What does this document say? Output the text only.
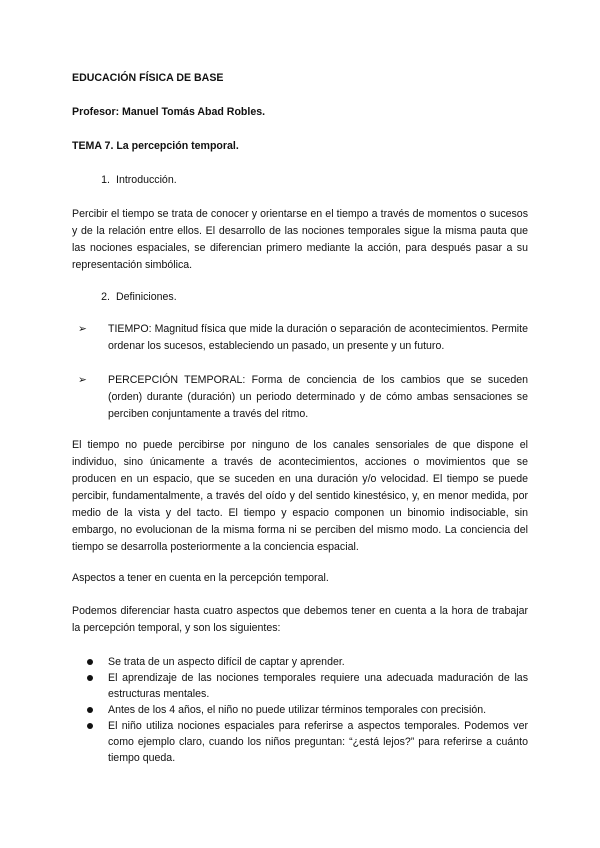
EDUCACIÓN FÍSICA DE BASE

Profesor: Manuel Tomás Abad Robles.

TEMA 7. La percepción temporal.

1. Introducción.

Percibir el tiempo se trata de conocer y orientarse en el tiempo a través de momentos o sucesos y de la relación entre ellos. El desarrollo de las nociones temporales sigue la misma pauta que las nociones espaciales, se diferencian primero mediante la acción, para después pasar a su representación simbólica.

2. Definiciones.
➢ TIEMPO: Magnitud física que mide la duración o separación de acontecimientos. Permite ordenar los sucesos, estableciendo un pasado, un presente y un futuro.
➢ PERCEPCIÓN TEMPORAL: Forma de conciencia de los cambios que se suceden (orden) durante (duración) un periodo determinado y de cómo ambas sensaciones se perciben conjuntamente a través del ritmo.

El tiempo no puede percibirse por ninguno de los canales sensoriales de que dispone el individuo, sino únicamente a través de acontecimientos, acciones o movimientos que se producen en un espacio, que se suceden en una duración y/o velocidad. El tiempo se puede percibir, fundamentalmente, a través del oído y del sentido kinestésico, y, en menor medida, por medio de la vista y del tacto. El tiempo y espacio componen un binomio indisociable, sin embargo, no evolucionan de la misma forma ni se perciben del mismo modo. La conciencia del tiempo se desarrolla posteriormente a la conciencia espacial.

Aspectos a tener en cuenta en la percepción temporal.

Podemos diferenciar hasta cuatro aspectos que debemos tener en cuenta a la hora de trabajar la percepción temporal, y son los siguientes:

Se trata de un aspecto difícil de captar y aprender.
El aprendizaje de las nociones temporales requiere una adecuada maduración de las estructuras mentales.
Antes de los 4 años, el niño no puede utilizar términos temporales con precisión.
El niño utiliza nociones espaciales para referirse a aspectos temporales. Podemos ver como ejemplo claro, cuando los niños preguntan: “¿está lejos?” para referirse a cuánto tiempo queda.
